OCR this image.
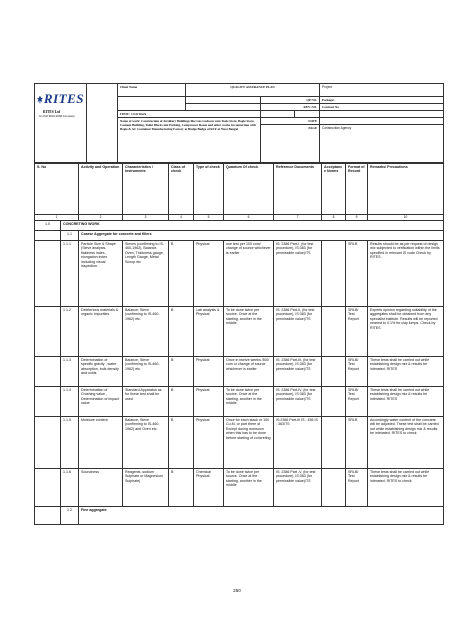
RITES
RITES Ltd
An ISO 9001:2008 Company		Client Name	QUALITY ASSURANCE PLAN			Project
				QP NO.		Package:-
				REV. NO.		Contract No
		ITEM : Civil Work				
		Name of work: Construction of Auxiliary Buildings like Gas Godown cum Tools Store, Bogie Store, Canteen Building, Toilet Block cum Parking, Compressor Room and other works in connection with Bogie & AC Container Manufacturing Factory at Budge Budge of RCF at West Bengal		DATE		
				PAGE		Construction Agency
S. No		Activity and Operation	Characteristics / Instruments	Class of check	Type of check	Quantum Of check	Reference Documents	Acceptance Norms	Format of Record	Remarks/ Precautions
1		2	3	4	5	6	7	8	9	10
1.0	CONCRETING WORK									
	1.1	Coarse Aggregate for concrete and fillers								
	1.1.1	Particle Size & Shape (Sieve analysis, flakiness index, elongation index including visual inspection.	Sieves (confirming to IS-460-1962), Balance, Oven, Thickness gauge, Length Gauge, Metal Scoop etc	B	Physical	one test per 100 cum/ change of source whichever is earlier	IS: 2386 Part-I, (for test procedure), IS:383 (for permissible value)/TS		SRLB	Results should be as per request of design mix subjected to verification within the limits specified in relevant IS code Check by RITES.
	1.1.2	Deleterious materials & organic impurities	Balance, Sieve (confirming to IS-460-1962) etc.	B	Lab analysis & Physical	To be done twice per source. Once at the starting, another in the middle	IS: 2386 Part-II, (for test procedure), IS:383 (for permissible value)/TS		SRLB/ Test Report	Experts opinion regarding suitability of the aggregates shall be obtained from any specialist institute. Results will be reported nearest to 0.1% for clay lumps. Check by RITES
	1.1.3	Determination of specific gravity , water absorption, bulk density and voids	Balance, Sieve (confirming to IS-460-1962) etc.	B	Physical	Once in twelve weeks /500 cum or change of source whichever is earlier	IS: 2386 Part-III, (for test procedure), IS:383 (for permissible value)/TS		SRLB/ Test Report	These tests shall be carried out while establishing design mix & results be intimated. RITES
	1.1.4	Determination of Crushing value , Determination of impact value	Standard Apparatus as for these test shall be used	B	Physical	To be done twice per source. Once at the starting, another in the middle	IS: 2386 Part-IV, (for test procedure), IS:383 (for permissible value)/TS		SRLB/ Test Report	These tests shall be carried out while establishing design mix & results be intimated. RITES
	1.1.5	Moisture content	Balance, Sieve (confirming to IS-460-1962) and Oven etc.	B	Physical	Once for each stack or 100 Cu.M. or part there of Except during monsoon when this has to be done before starting of concreting	IS:2386 Part-III IS : 456 IS : 383/TS		SRLB	Accordingly water content of the concrete will be adjusted. These test shall be carried out while establishing design mix & results be intimated. RITES to check
	1.1.6	Soundness	Reagents ,sodium Sulphate or Magnesium Sulphate)	B	Chemical Physical	To be done twice per source. Once at the starting, another in the middle	IS: 2386 Part -V, (for test procedure), IS:383 (for permissible value)/TS		SRLB/ Test Report	These tests shall be carried out while establishing design mix & results be intimated. RITES to check
	1.2	Fine aggregate								
250
